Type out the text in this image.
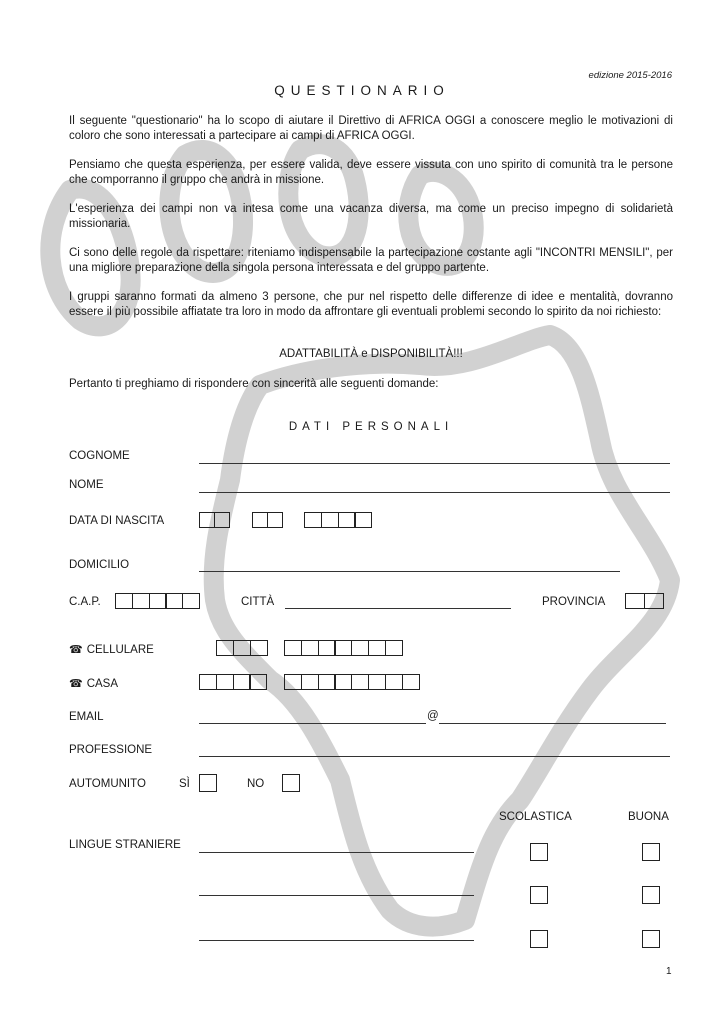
edizione 2015-2016
QUESTIONARIO
Il seguente "questionario" ha lo scopo di aiutare il Direttivo di AFRICA OGGI a conoscere meglio le motivazioni di coloro che sono interessati a partecipare ai campi di AFRICA OGGI.
Pensiamo che questa esperienza, per essere valida, deve essere vissuta con uno spirito di comunità tra le persone che comporranno il gruppo che andrà in missione.
L'esperienza dei campi non va intesa come una vacanza diversa, ma come un preciso impegno di solidarietà missionaria.
Ci sono delle regole da rispettare: riteniamo indispensabile la partecipazione costante agli "INCONTRI MENSILI", per una migliore preparazione della singola persona interessata e del gruppo partente.
I gruppi saranno formati da almeno 3 persone, che pur nel rispetto delle differenze di idee e mentalità, dovranno essere il più possibile affiatate tra loro in modo da affrontare gli eventuali problemi secondo lo spirito da noi richiesto:
ADATTABILITÀ e DISPONIBILITÀ!!!
Pertanto ti preghiamo di rispondere con sincerità alle seguenti domande:
DATI PERSONALI
COGNOME
NOME
DATA DI NASCITA
DOMICILIO
C.A.P.	CITTÀ	PROVINCIA
☎ CELLULARE
☎ CASA
EMAIL	@
PROFESSIONE
AUTOMUNITO	SÌ	NO
SCOLASTICA	BUONA
LINGUE STRANIERE
1
